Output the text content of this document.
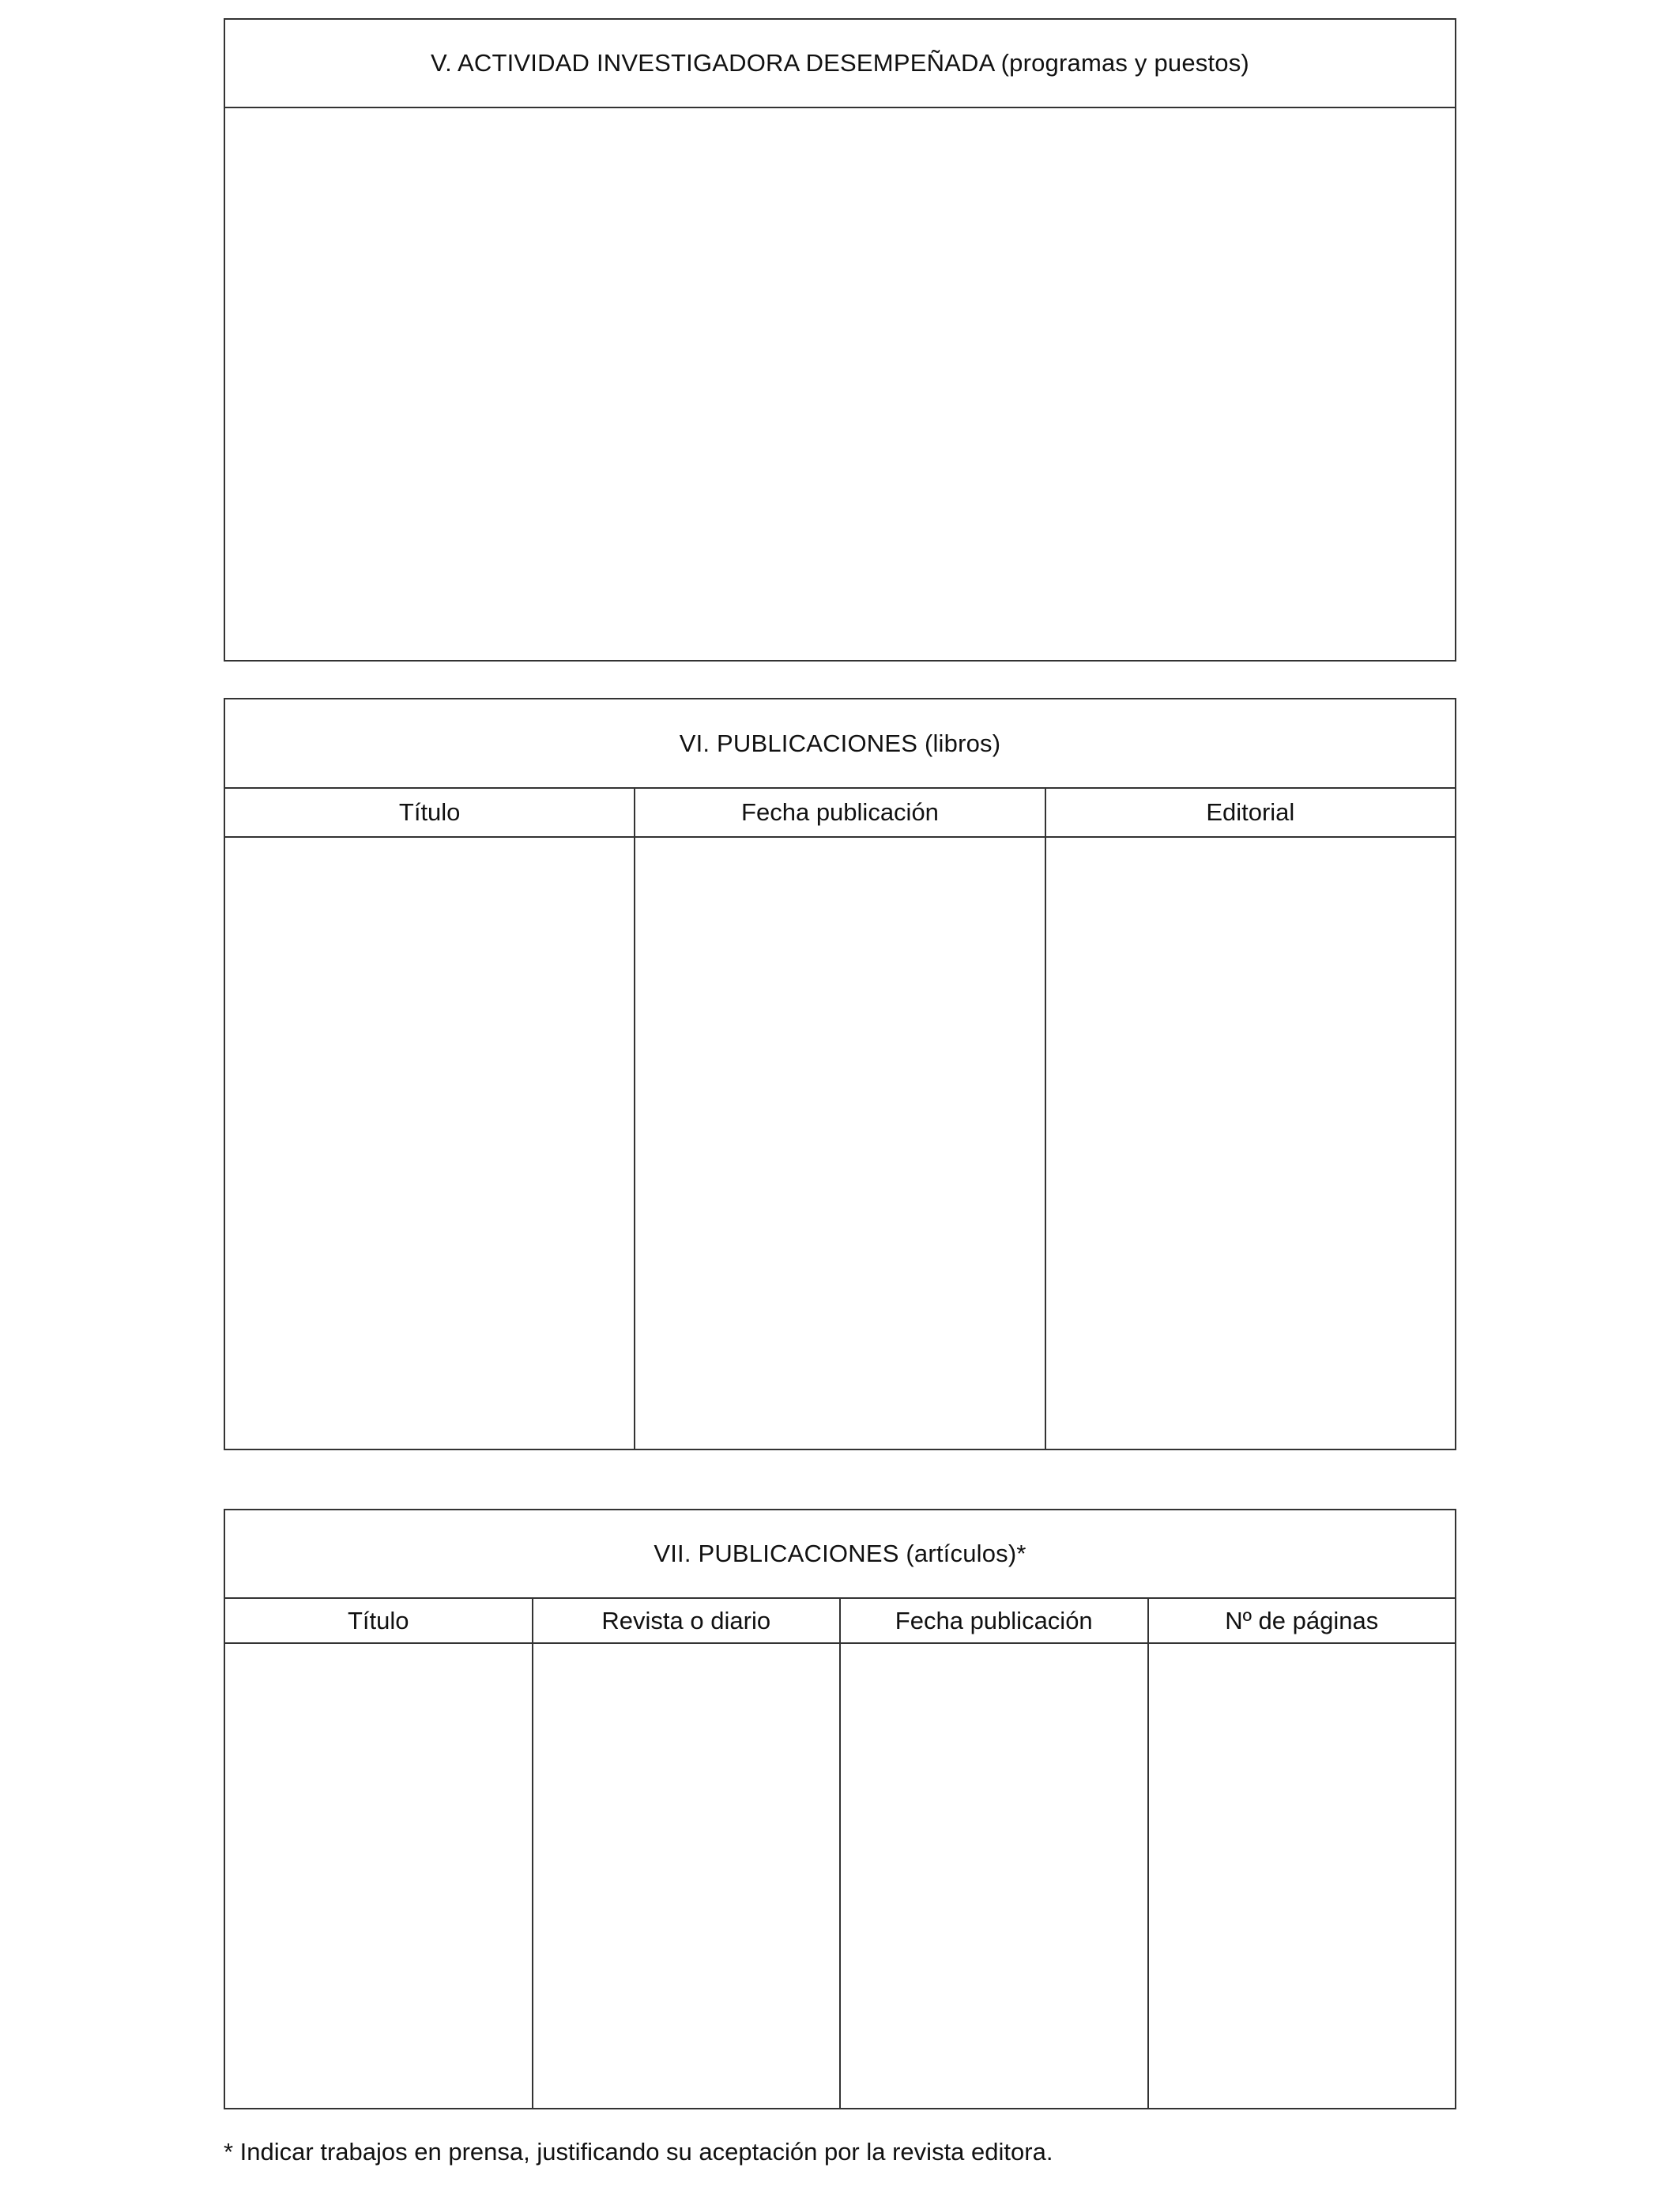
V. ACTIVIDAD INVESTIGADORA DESEMPEÑADA (programas y puestos)
VI. PUBLICACIONES (libros)
Título	Fecha publicación	Editorial
VII. PUBLICACIONES (artículos)*
Título	Revista o diario	Fecha publicación	Nº de páginas
* Indicar trabajos en prensa, justificando su aceptación por la revista editora.
